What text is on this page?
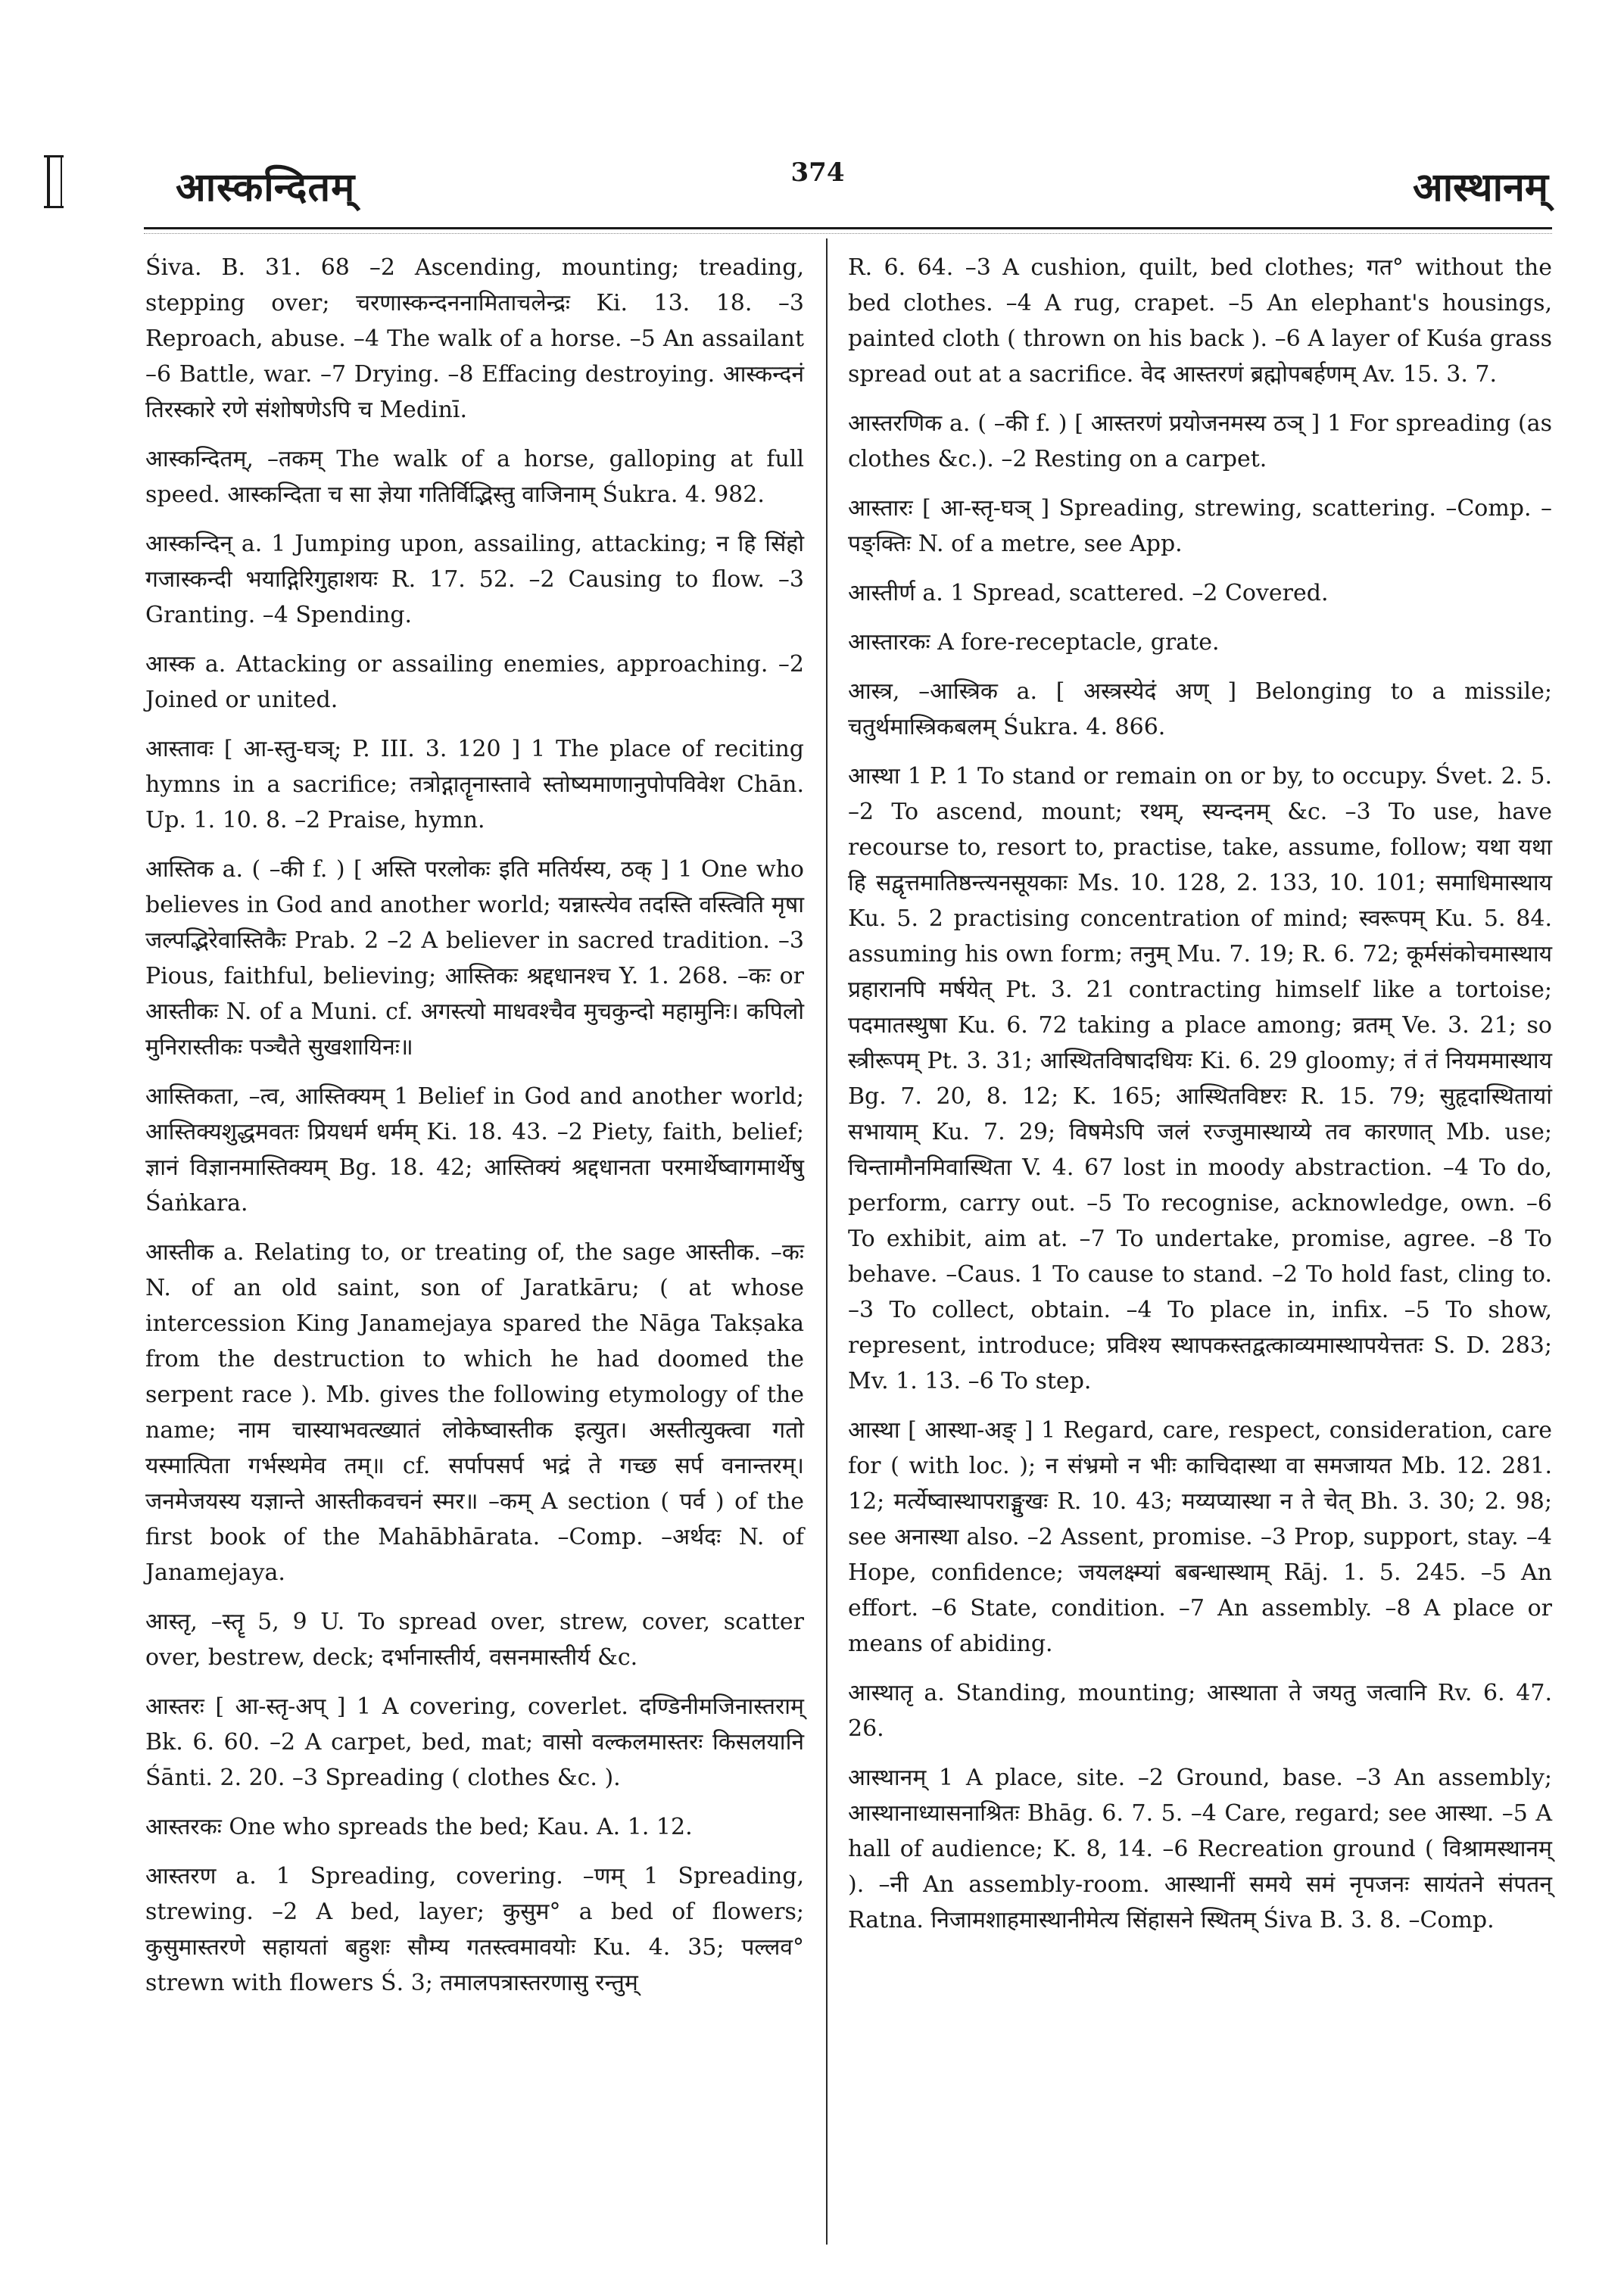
आस्कन्दितम्	374	आस्थानम्

Śiva. B. 31. 68 –2 Ascending, mounting; treading, stepping over; चरणास्कन्दननामिताचलेन्द्रः Ki. 13. 18. –3 Reproach, abuse. –4 The walk of a horse. –5 An assailant –6 Battle, war. –7 Drying. –8 Effacing destroying. आस्कन्दनं तिरस्कारे रणे संशोषणेऽपि च Medinī.

आस्कन्दितम्, –तकम् The walk of a horse, galloping at full speed. आस्कन्दिता च सा ज्ञेया गतिर्विद्भिस्तु वाजिनाम् Śukra. 4. 982.

आस्कन्दिन् a. 1 Jumping upon, assailing, attacking; न हि सिंहो गजास्कन्दी भयाद्गिरिगुहाशयः R. 17. 52. –2 Causing to flow. –3 Granting. –4 Spending.

आस्क a. Attacking or assailing enemies, approaching. –2 Joined or united.

आस्तावः [ आ-स्तु-घञ्; P. III. 3. 120 ] 1 The place of reciting hymns in a sacrifice; तत्रोद्गातॄनास्तावे स्तोष्यमाणानुपोपविवेश Chān. Up. 1. 10. 8. –2 Praise, hymn.

आस्तिक a. ( –की f. ) [ अस्ति परलोकः इति मतिर्यस्य, ठक् ] 1 One who believes in God and another world; यन्नास्त्येव तदस्ति वस्त्विति मृषा जल्पद्भिरेवास्तिकैः Prab. 2 –2 A believer in sacred tradition. –3 Pious, faithful, believing; आस्तिकः श्रद्दधानश्च Y. 1. 268. –कः or आस्तीकः N. of a Muni. cf. अगस्त्यो माधवश्चैव मुचकुन्दो महामुनिः। कपिलो मुनिरास्तीकः पञ्चैते सुखशायिनः॥

आस्तिकता, –त्व, आस्तिक्यम् 1 Belief in God and another world; आस्तिक्यशुद्धमवतः प्रियधर्म धर्मम् Ki. 18. 43. –2 Piety, faith, belief; ज्ञानं विज्ञानमास्तिक्यम् Bg. 18. 42; आस्तिक्यं श्रद्दधानता परमार्थेष्वागमार्थेषु Śaṅkara.

आस्तीक a. Relating to, or treating of, the sage आस्तीक. –कः N. of an old saint, son of Jaratkāru; ( at whose intercession King Janamejaya spared the Nāga Takṣaka from the destruction to which he had doomed the serpent race ). Mb. gives the following etymology of the name; नाम चास्याभवत्ख्यातं लोकेष्वास्तीक इत्युत। अस्तीत्युक्त्वा गतो यस्मात्पिता गर्भस्थमेव तम्॥ cf. सर्पापसर्प भद्रं ते गच्छ सर्प वनान्तरम्। जनमेजयस्य यज्ञान्ते आस्तीकवचनं स्मर॥ –कम् A section ( पर्व ) of the first book of the Mahābhārata. –Comp. –अर्थदः N. of Janamejaya.

आस्तृ, –स्तॄ 5, 9 U. To spread over, strew, cover, scatter over, bestrew, deck; दर्भानास्तीर्य, वसनमास्तीर्य &c.

आस्तरः [ आ-स्तृ-अप् ] 1 A covering, coverlet. दण्डिनीमजिनास्तराम् Bk. 6. 60. –2 A carpet, bed, mat; वासो वल्कलमास्तरः किसलयानि Śānti. 2. 20. –3 Spreading ( clothes &c. ).

आस्तरकः One who spreads the bed; Kau. A. 1. 12.

आस्तरण a. 1 Spreading, covering. –णम् 1 Spreading, strewing. –2 A bed, layer; कुसुम° a bed of flowers; कुसुमास्तरणे सहायतां बहुशः सौम्य गतस्त्वमावयोः Ku. 4. 35; पल्लव° strewn with flowers Ś. 3; तमालपत्रास्तरणासु रन्तुम्

R. 6. 64. –3 A cushion, quilt, bed clothes; गत° without the bed clothes. –4 A rug, crapet. –5 An elephant's housings, painted cloth ( thrown on his back ). –6 A layer of Kuśa grass spread out at a sacrifice. वेद आस्तरणं ब्रह्मोपबर्हणम् Av. 15. 3. 7.

आस्तरणिक a. ( –की f. ) [ आस्तरणं प्रयोजनमस्य ठञ् ] 1 For spreading (as clothes &c.). –2 Resting on a carpet.

आस्तारः [ आ-स्तृ-घञ् ] Spreading, strewing, scattering. –Comp. –पङ्क्तिः N. of a metre, see App.

आस्तीर्ण a. 1 Spread, scattered. –2 Covered.

आस्तारकः A fore-receptacle, grate.

आस्त्र, –आस्त्रिक a. [ अस्त्रस्येदं अण् ] Belonging to a missile; चतुर्थमास्त्रिकबलम् Śukra. 4. 866.

आस्था 1 P. 1 To stand or remain on or by, to occupy. Śvet. 2. 5. –2 To ascend, mount; रथम्, स्यन्दनम् &c. –3 To use, have recourse to, resort to, practise, take, assume, follow; यथा यथा हि सद्वृत्तमातिष्ठन्त्यनसूयकाः Ms. 10. 128, 2. 133, 10. 101; समाधिमास्थाय Ku. 5. 2 practising concentration of mind; स्वरूपम् Ku. 5. 84. assuming his own form; तनुम् Mu. 7. 19; R. 6. 72; कूर्मसंकोचमास्थाय प्रहारानपि मर्षयेत् Pt. 3. 21 contracting himself like a tortoise; पदमातस्थुषा Ku. 6. 72 taking a place among; व्रतम् Ve. 3. 21; so स्त्रीरूपम् Pt. 3. 31; आस्थितविषादधियः Ki. 6. 29 gloomy; तं तं नियममास्थाय Bg. 7. 20, 8. 12; K. 165; आस्थितविष्टरः R. 15. 79; सुहृदास्थितायां सभायाम् Ku. 7. 29; विषमेऽपि जलं रज्जुमास्थाय्ये तव कारणात् Mb. use; चिन्तामौनमिवास्थिता V. 4. 67 lost in moody abstraction. –4 To do, perform, carry out. –5 To recognise, acknowledge, own. –6 To exhibit, aim at. –7 To undertake, promise, agree. –8 To behave. –Caus. 1 To cause to stand. –2 To hold fast, cling to. –3 To collect, obtain. –4 To place in, infix. –5 To show, represent, introduce; प्रविश्य स्थापकस्तद्वत्काव्यमास्थापयेत्ततः S. D. 283; Mv. 1. 13. –6 To step.

आस्था [ आस्था-अङ् ] 1 Regard, care, respect, consideration, care for ( with loc. ); न संभ्रमो न भीः काचिदास्था वा समजायत Mb. 12. 281. 12; मर्त्येष्वास्थापराङ्मुखः R. 10. 43; मय्यप्यास्था न ते चेत् Bh. 3. 30; 2. 98; see अनास्था also. –2 Assent, promise. –3 Prop, support, stay. –4 Hope, confidence; जयलक्ष्म्यां बबन्धास्थाम् Rāj. 1. 5. 245. –5 An effort. –6 State, condition. –7 An assembly. –8 A place or means of abiding.

आस्थातृ a. Standing, mounting; आस्थाता ते जयतु जत्वानि Rv. 6. 47. 26.

आस्थानम् 1 A place, site. –2 Ground, base. –3 An assembly; आस्थानाध्यासनाश्रितः Bhāg. 6. 7. 5. –4 Care, regard; see आस्था. –5 A hall of audience; K. 8, 14. –6 Recreation ground ( विश्रामस्थानम् ). –नी An assembly-room. आस्थानीं समये समं नृपजनः सायंतने संपतन् Ratna. निजामशाहमास्थानीमेत्य सिंहासने स्थितम् Śiva B. 3. 8. –Comp.
